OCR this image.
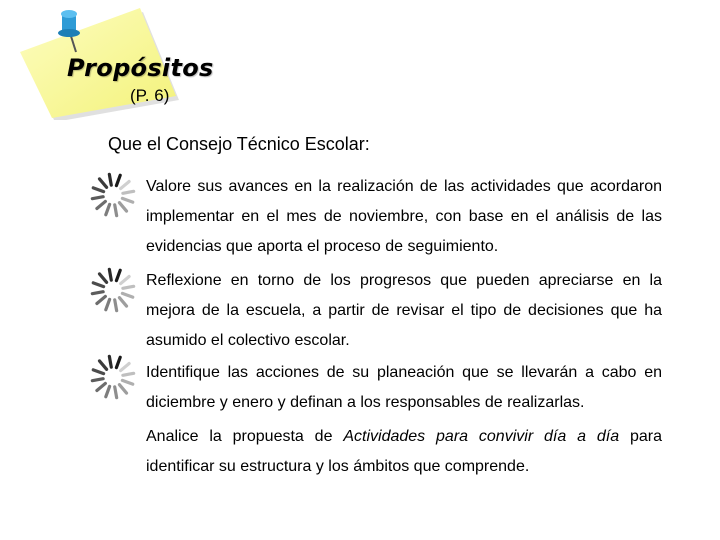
Propósitos
(P. 6)
Que el Consejo Técnico Escolar:
Valore sus avances en la realización de las actividades que acordaron implementar en el mes de noviembre, con base en el análisis de las evidencias que aporta el proceso de seguimiento.
Reflexione en torno de los progresos que pueden apreciarse en la mejora de la escuela, a partir de revisar el tipo de decisiones que ha asumido el colectivo escolar.
Identifique las acciones de su planeación que se llevarán a cabo en diciembre y enero y definan a los responsables de realizarlas.
Analice la propuesta de Actividades para convivir día a día para identificar su estructura y los ámbitos que comprende.
